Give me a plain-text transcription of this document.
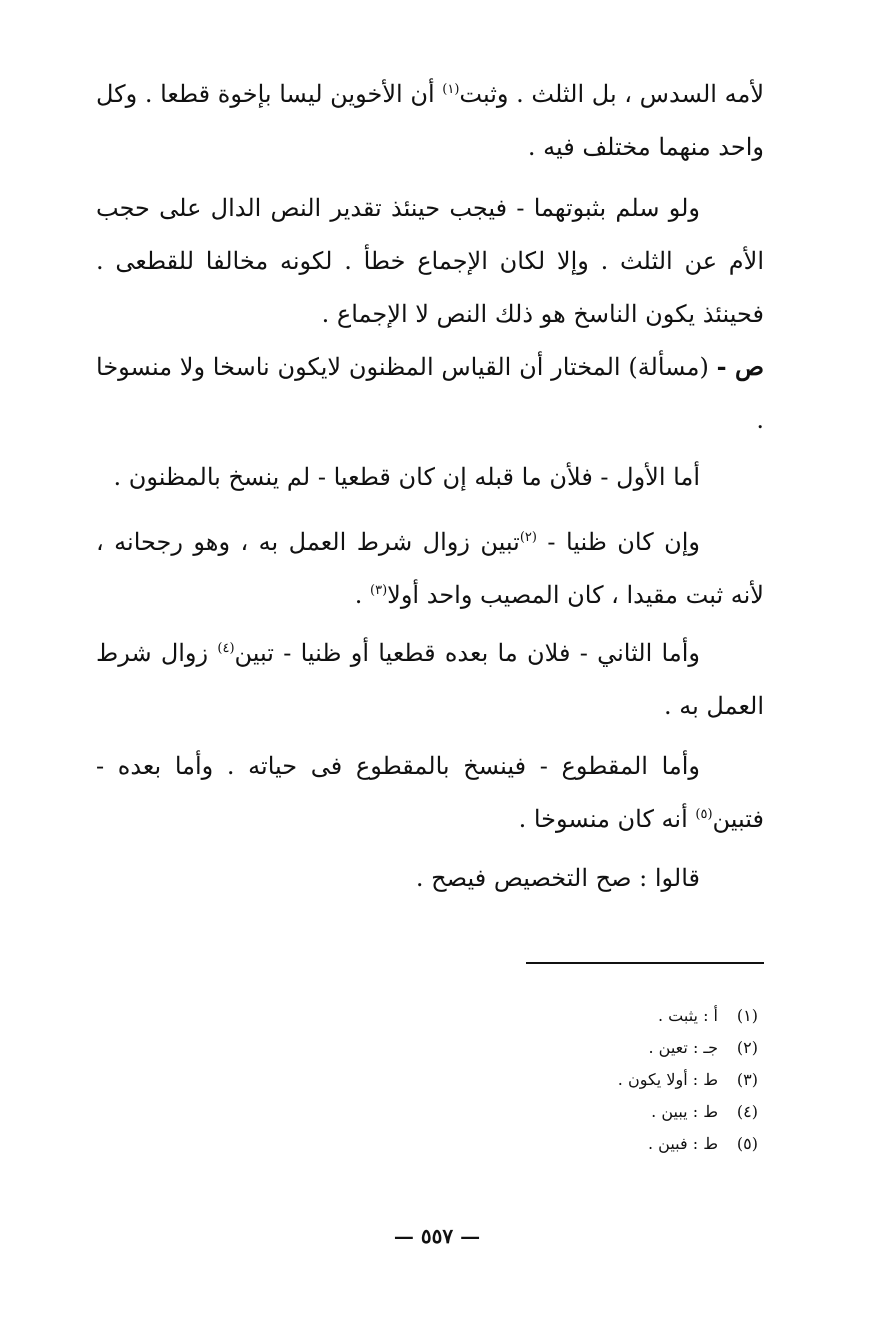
لأمه السدس ، بل الثلث . وثبت$^{(١)}$ أن الأخوين ليسا بإخوة قطعا . وكل واحد منهما مختلف فيه .

ولو سلم بثبوتهما - فيجب حينئذ تقدير النص الدال على حجب الأم عن الثلث . وإلا لكان الإجماع خطأ . لكونه مخالفا للقطعى . فحينئذ يكون الناسخ هو ذلك النص لا الإجماع .

ص - (مسألة) المختار أن القياس المظنون لايكون ناسخا ولا منسوخا .

أما الأول - فلأن ما قبله إن كان قطعيا - لم ينسخ بالمظنون .

وإن كان ظنيا - $^{(٢)}$تبين زوال شرط العمل به ، وهو رجحانه ، لأنه ثبت مقيدا ، كان المصيب واحد أولا$^{(٣)}$ .

وأما الثاني - فلان ما بعده قطعيا أو ظنيا - تبين$^{(٤)}$ زوال شرط العمل به .

وأما المقطوع - فينسخ بالمقطوع فى حياته . وأما بعده - فتبين$^{(٥)}$ أنه كان منسوخا .

قالوا : صح التخصيص فيصح .

(١)
أ : يثبت .
(٢)
جـ : تعين .
(٣)
ط : أولا يكون .
(٤)
ط : يبين .
(٥)
ط : فبين .
— ٥٥٧ —
